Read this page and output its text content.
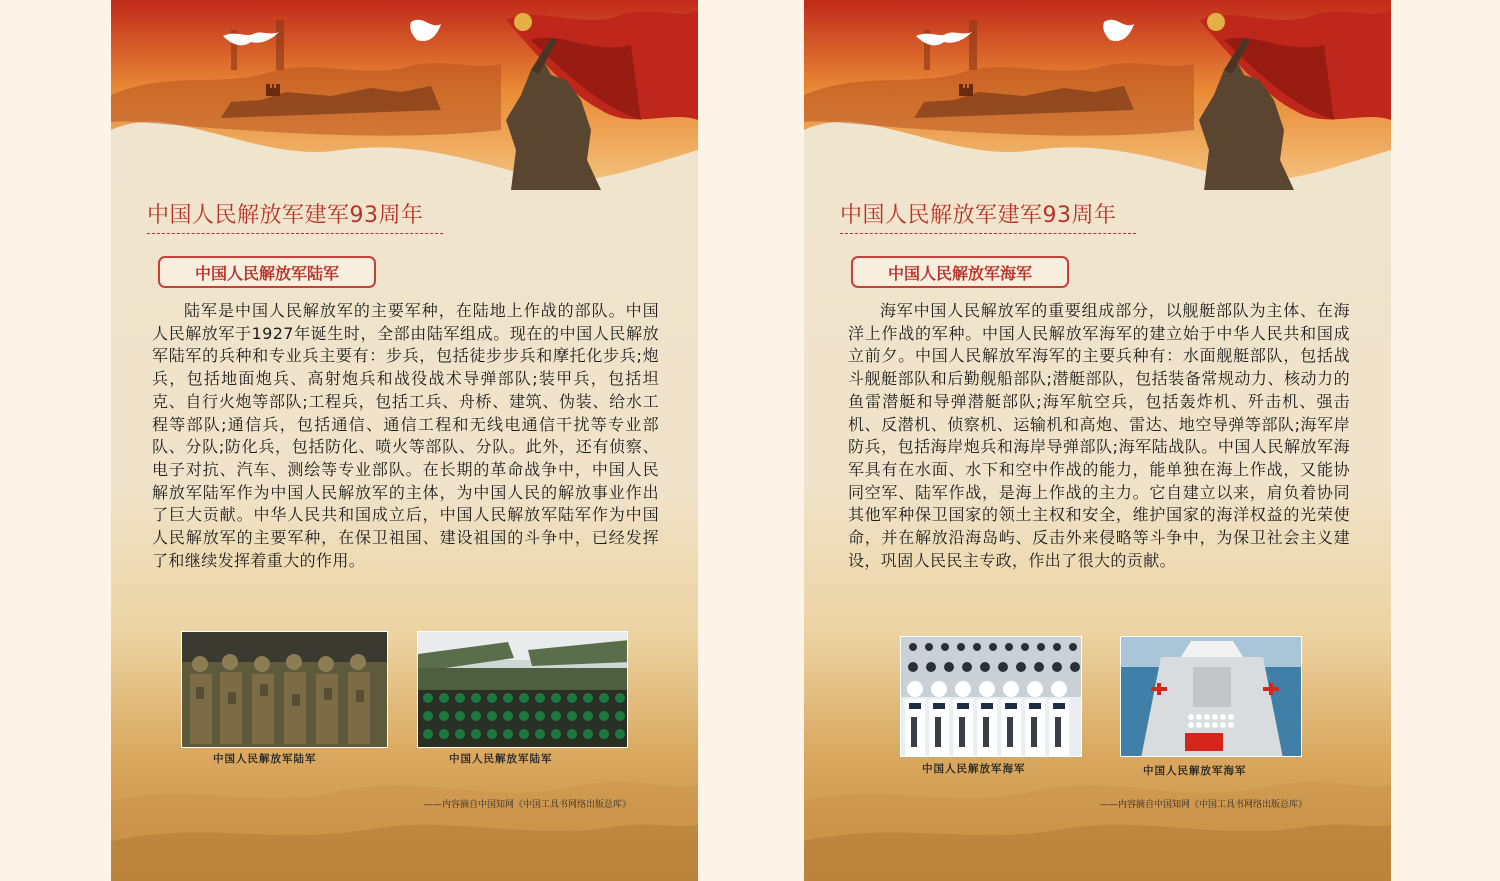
中国人民解放军建军93周年
中国人民解放军陆军
陆军是中国人民解放军的主要军种，在陆地上作战的部队。中国人民解放军于1927年诞生时，全部由陆军组成。现在的中国人民解放军陆军的兵种和专业兵主要有：步兵，包括徒步步兵和摩托化步兵;炮兵，包括地面炮兵、高射炮兵和战役战术导弹部队;装甲兵，包括坦克、自行火炮等部队;工程兵，包括工兵、舟桥、建筑、伪装、给水工程等部队;通信兵，包括通信、通信工程和无线电通信干扰等专业部队、分队;防化兵，包括防化、喷火等部队、分队。此外，还有侦察、电子对抗、汽车、测绘等专业部队。在长期的革命战争中，中国人民解放军陆军作为中国人民解放军的主体，为中国人民的解放事业作出了巨大贡献。中华人民共和国成立后，中国人民解放军陆军作为中国人民解放军的主要军种，在保卫祖国、建设祖国的斗争中，已经发挥了和继续发挥着重大的作用。
中国人民解放军陆军	中国人民解放军陆军
——内容摘自中国知网《中国工具书网络出版总库》
中国人民解放军建军93周年
中国人民解放军海军
海军中国人民解放军的重要组成部分，以舰艇部队为主体、在海洋上作战的军种。中国人民解放军海军的建立始于中华人民共和国成立前夕。中国人民解放军海军的主要兵种有：水面舰艇部队，包括战斗舰艇部队和后勤舰船部队;潜艇部队，包括装备常规动力、核动力的鱼雷潜艇和导弹潜艇部队;海军航空兵，包括轰炸机、歼击机、强击机、反潜机、侦察机、运输机和高炮、雷达、地空导弹等部队;海军岸防兵，包括海岸炮兵和海岸导弹部队;海军陆战队。中国人民解放军海军具有在水面、水下和空中作战的能力，能单独在海上作战，又能协同空军、陆军作战，是海上作战的主力。它自建立以来，肩负着协同其他军种保卫国家的领土主权和安全，维护国家的海洋权益的光荣使命，并在解放沿海岛屿、反击外来侵略等斗争中，为保卫社会主义建设，巩固人民民主专政，作出了很大的贡献。
中国人民解放军海军	中国人民解放军海军
——内容摘自中国知网《中国工具书网络出版总库》
